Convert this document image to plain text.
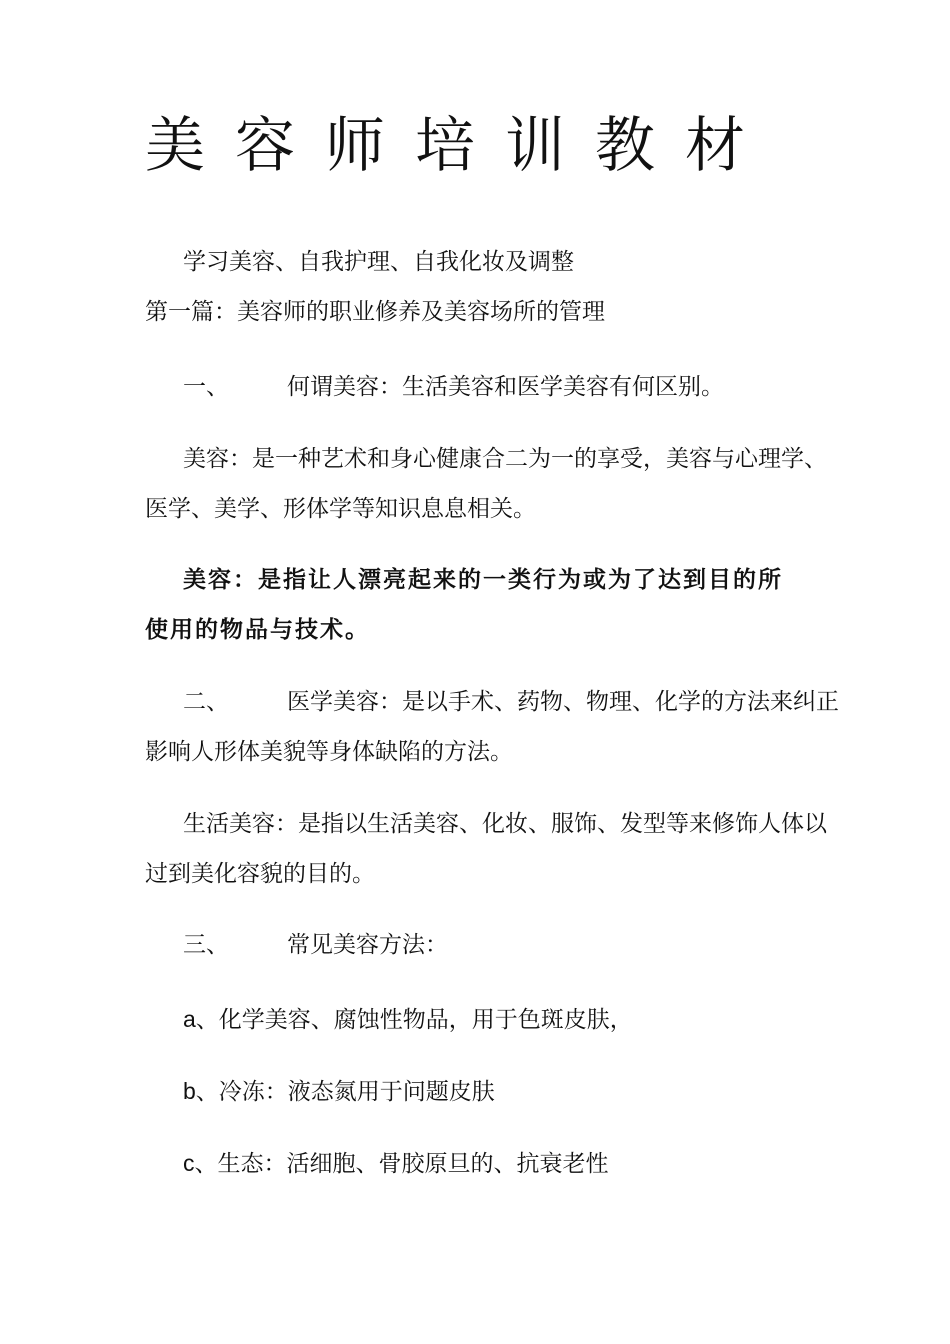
美容师培训教材

学习美容、自我护理、自我化妆及调整

第一篇：美容师的职业修养及美容场所的管理

一、	何谓美容：生活美容和医学美容有何区别。

美容：是一种艺术和身心健康合二为一的享受，美容与心理学、

医学、美学、形体学等知识息息相关。

美容：是指让人漂亮起来的一类行为或为了达到目的所

使用的物品与技术。

二、	医学美容：是以手术、药物、物理、化学的方法来纠正

影响人形体美貌等身体缺陷的方法。

生活美容：是指以生活美容、化妆、服饰、发型等来修饰人体以

过到美化容貌的目的。

三、	常见美容方法：

a、化学美容、腐蚀性物品，用于色斑皮肤，

b、冷冻：液态氮用于问题皮肤

c、生态：活细胞、骨胶原旦的、抗衰老性
